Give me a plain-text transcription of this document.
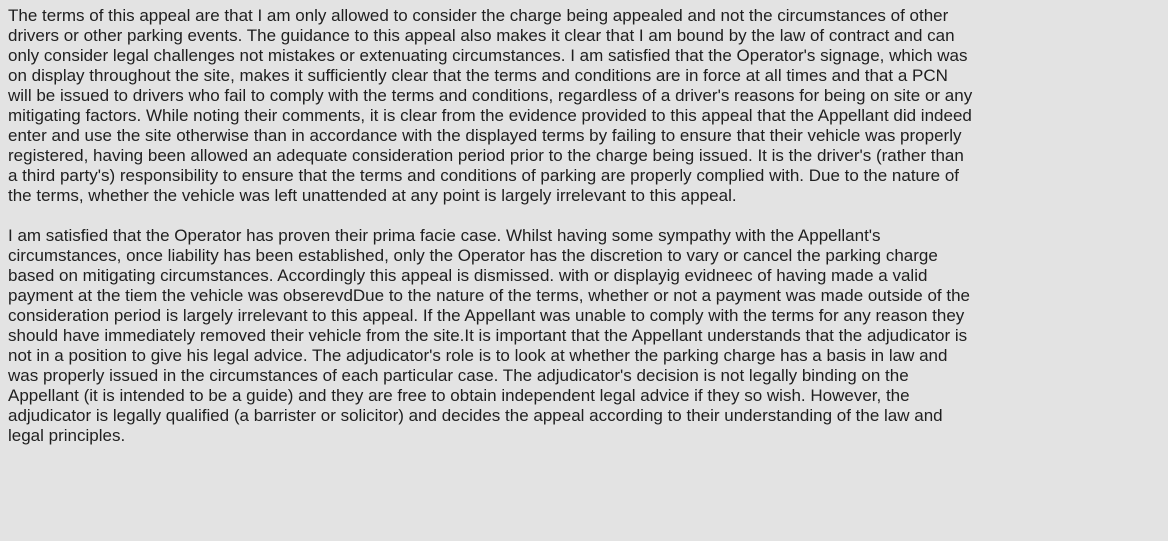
The terms of this appeal are that I am only allowed to consider the charge being appealed and not the circumstances of other
drivers or other parking events. The guidance to this appeal also makes it clear that I am bound by the law of contract and can
only consider legal challenges not mistakes or extenuating circumstances. I am satisfied that the Operator's signage, which was
on display throughout the site, makes it sufficiently clear that the terms and conditions are in force at all times and that a PCN
will be issued to drivers who fail to comply with the terms and conditions, regardless of a driver's reasons for being on site or any
mitigating factors. While noting their comments, it is clear from the evidence provided to this appeal that the Appellant did indeed
enter and use the site otherwise than in accordance with the displayed terms by failing to ensure that their vehicle was properly
registered, having been allowed an adequate consideration period prior to the charge being issued. It is the driver's (rather than
a third party's) responsibility to ensure that the terms and conditions of parking are properly complied with. Due to the nature of
the terms, whether the vehicle was left unattended at any point is largely irrelevant to this appeal.

I am satisfied that the Operator has proven their prima facie case. Whilst having some sympathy with the Appellant's
circumstances, once liability has been established, only the Operator has the discretion to vary or cancel the parking charge
based on mitigating circumstances. Accordingly this appeal is dismissed. with or displayig evidneec of having made a valid
payment at the tiem the vehicle was obserevdDue to the nature of the terms, whether or not a payment was made outside of the
consideration period is largely irrelevant to this appeal. If the Appellant was unable to comply with the terms for any reason they
should have immediately removed their vehicle from the site.It is important that the Appellant understands that the adjudicator is
not in a position to give his legal advice. The adjudicator's role is to look at whether the parking charge has a basis in law and
was properly issued in the circumstances of each particular case. The adjudicator's decision is not legally binding on the
Appellant (it is intended to be a guide) and they are free to obtain independent legal advice if they so wish. However, the
adjudicator is legally qualified (a barrister or solicitor) and decides the appeal according to their understanding of the law and
legal principles.
